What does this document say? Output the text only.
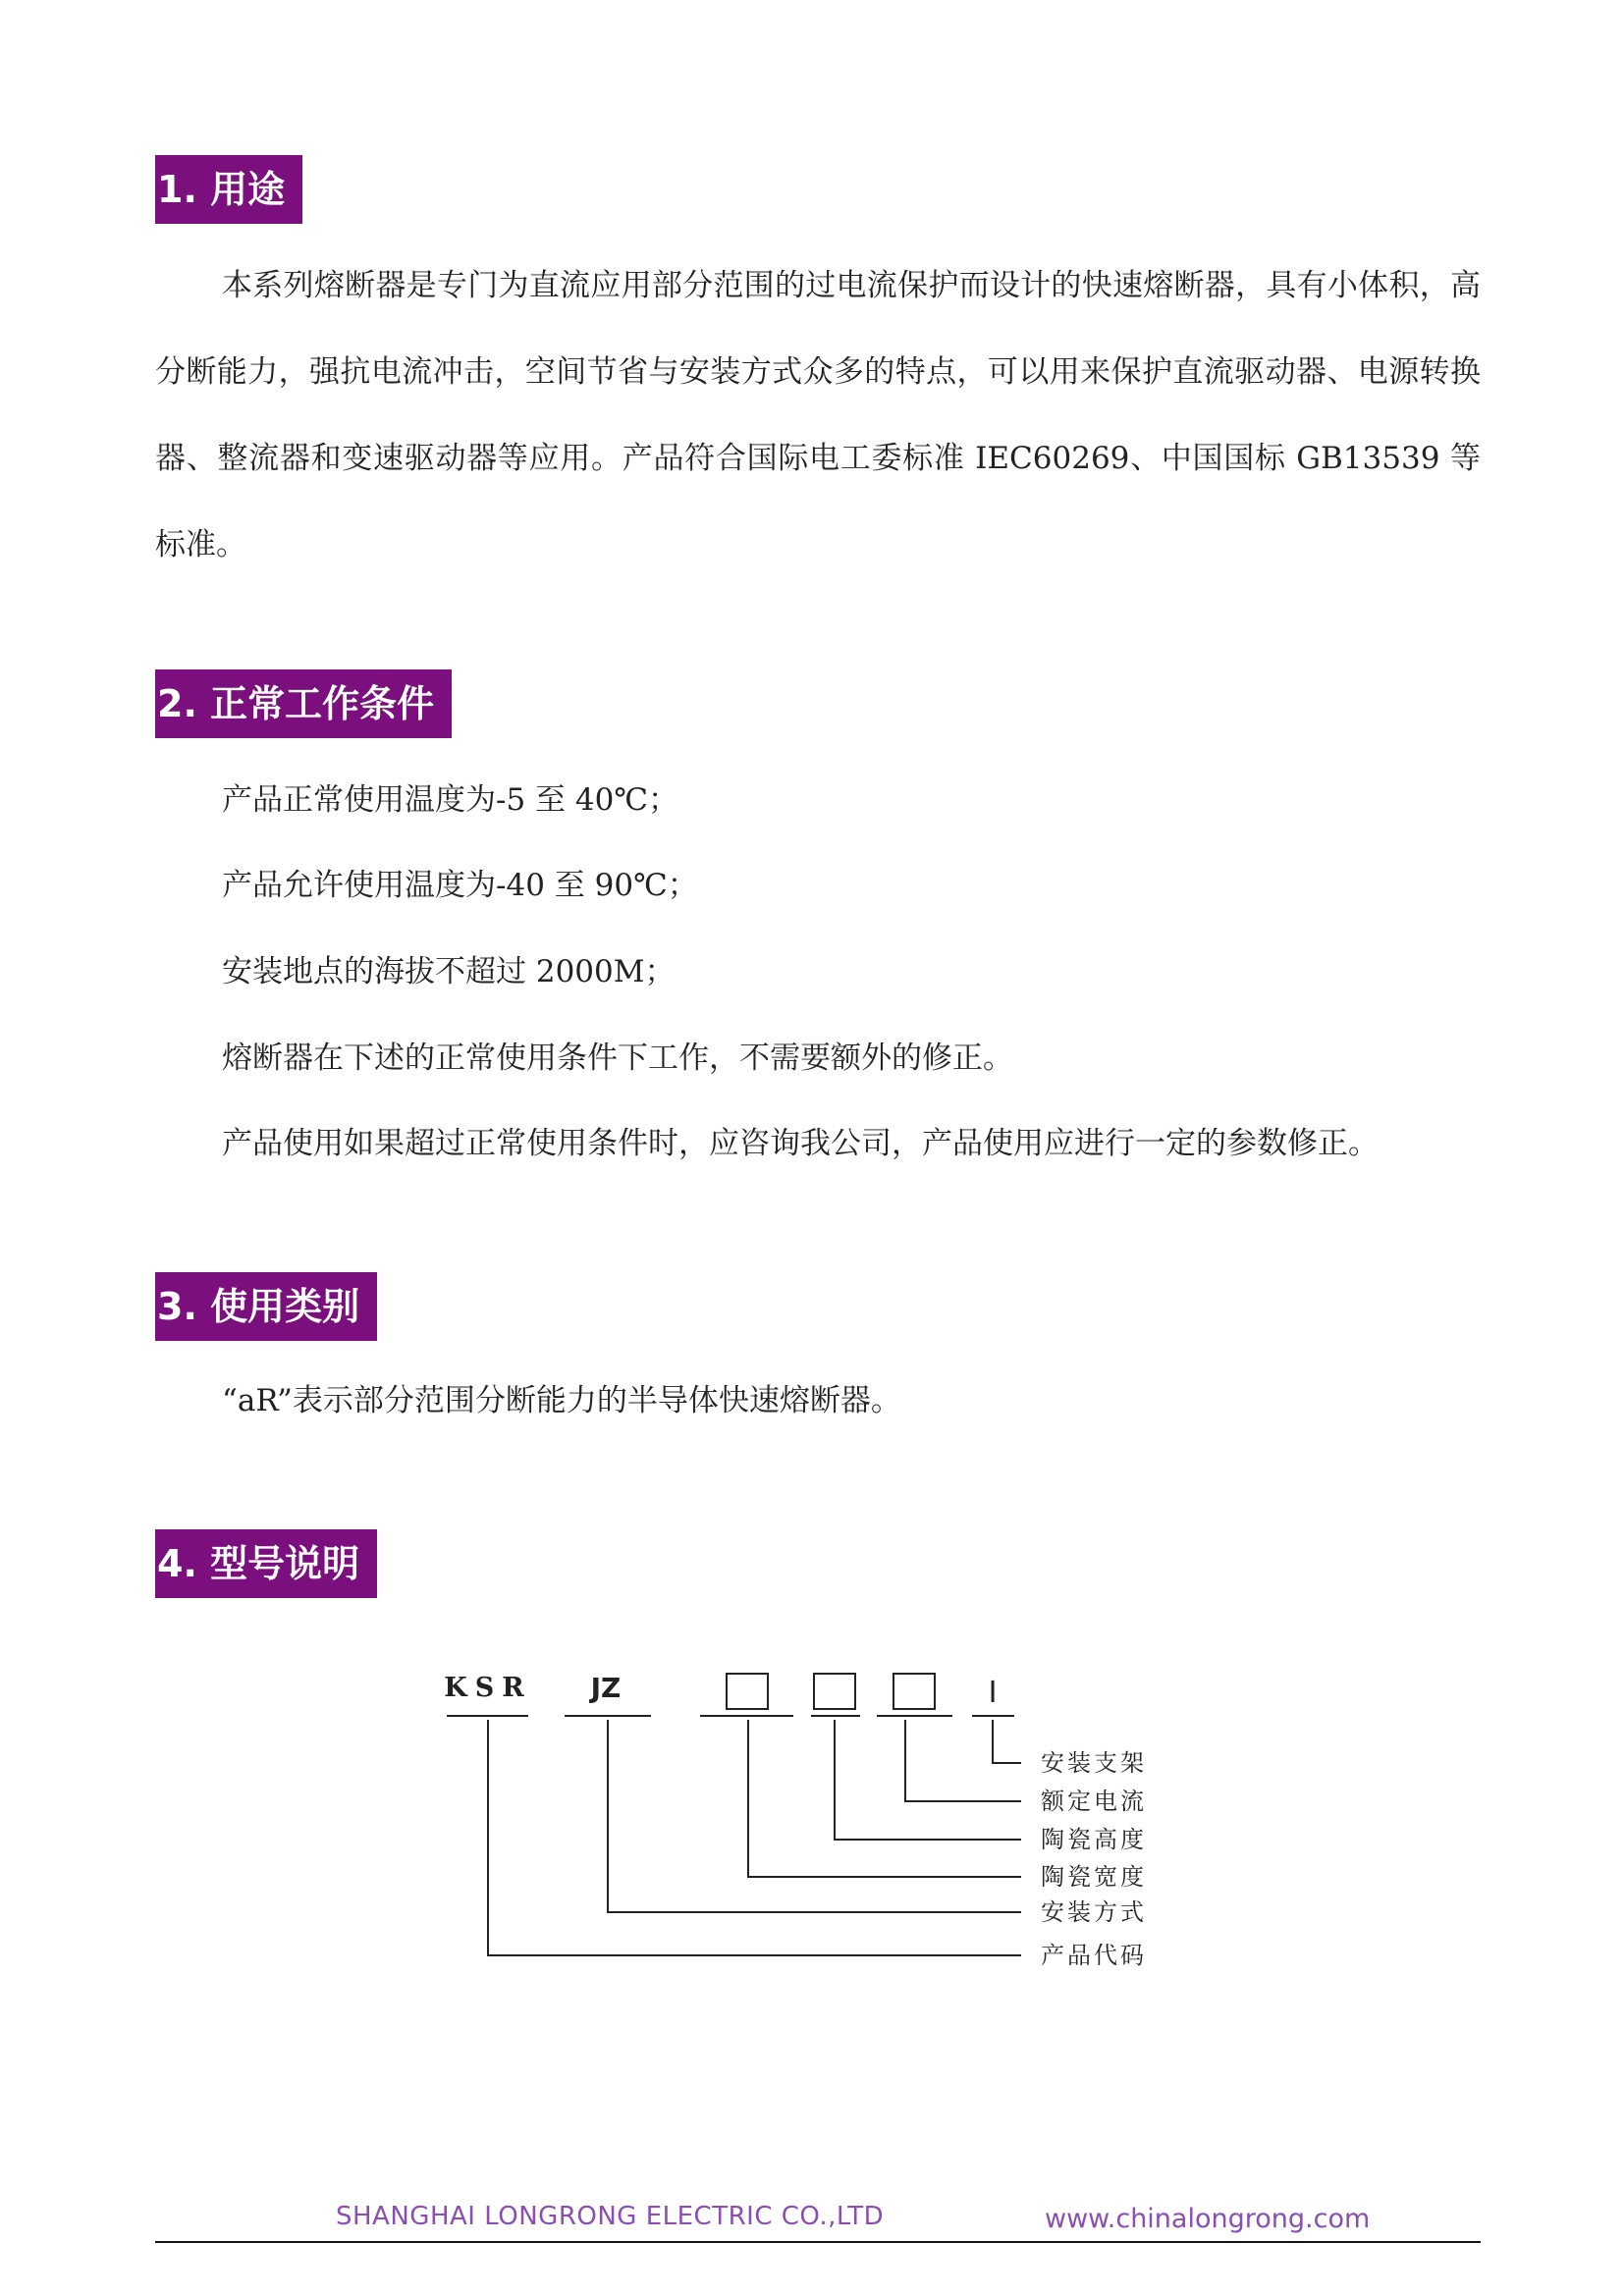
1. 用途

本系列熔断器是专门为直流应用部分范围的过电流保护而设计的快速熔断器，具有小体积，高分断能力，强抗电流冲击，空间节省与安装方式众多的特点，可以用来保护直流驱动器、电源转换器、整流器和变速驱动器等应用。产品符合国际电工委标准 IEC60269、中国国标 GB13539 等标准。

2. 正常工作条件
产品正常使用温度为-5 至 40℃；
产品允许使用温度为-40 至 90℃；
安装地点的海拔不超过 2000M；
熔断器在下述的正常使用条件下工作，不需要额外的修正。
产品使用如果超过正常使用条件时，应咨询我公司，产品使用应进行一定的参数修正。
3. 使用类别
“aR”表示部分范围分断能力的半导体快速熔断器。
4. 型号说明
KSR JZ	I
安装支架
额定电流
陶瓷高度
陶瓷宽度
安装方式
产品代码
SHANGHAI LONGRONG ELECTRIC CO.,LTD	www.chinalongrong.com
